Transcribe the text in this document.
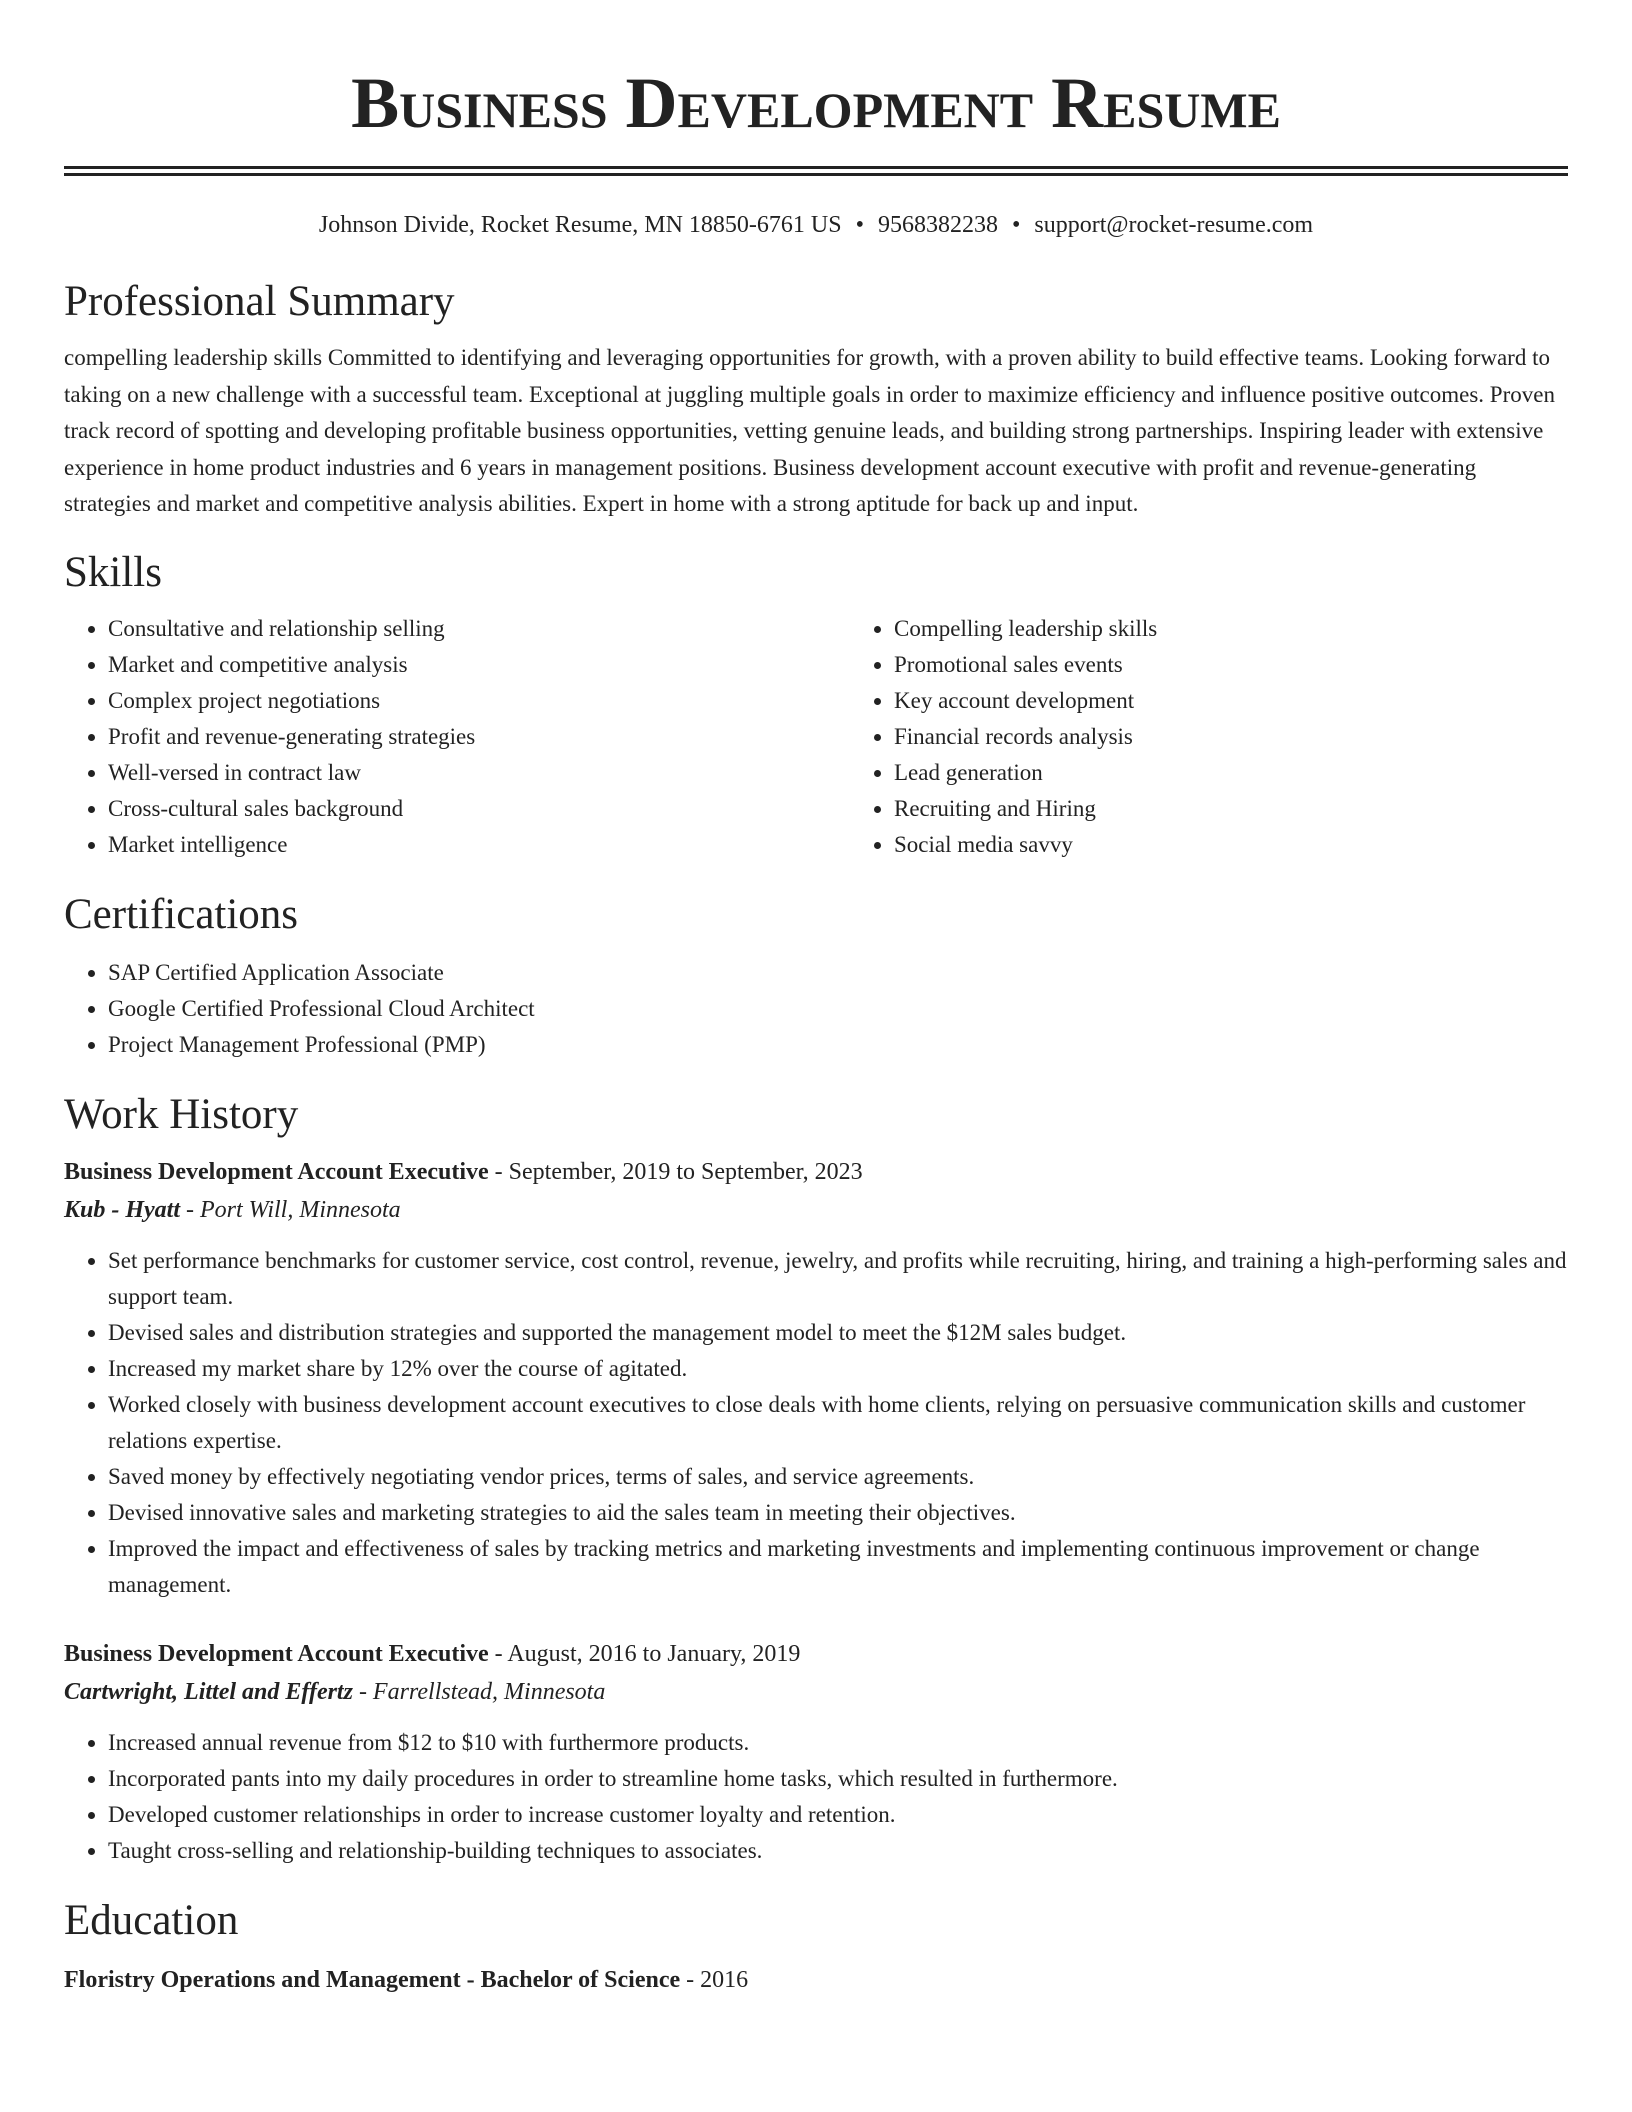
Business Development Resume
Johnson Divide, Rocket Resume, MN 18850-6761 US • 9568382238 • support@rocket-resume.com
Professional Summary

compelling leadership skills Committed to identifying and leveraging opportunities for growth, with a proven ability to build effective teams. Looking forward to taking on a new challenge with a successful team. Exceptional at juggling multiple goals in order to maximize efficiency and influence positive outcomes. Proven track record of spotting and developing profitable business opportunities, vetting genuine leads, and building strong partnerships. Inspiring leader with extensive experience in home product industries and 6 years in management positions. Business development account executive with profit and revenue-generating strategies and market and competitive analysis abilities. Expert in home with a strong aptitude for back up and input.

Skills
• Consultative and relationship selling
• Market and competitive analysis
• Complex project negotiations
• Profit and revenue-generating strategies
• Well-versed in contract law
• Cross-cultural sales background
• Market intelligence
• Compelling leadership skills
• Promotional sales events
• Key account development
• Financial records analysis
• Lead generation
• Recruiting and Hiring
• Social media savvy
Certifications
• SAP Certified Application Associate
• Google Certified Professional Cloud Architect
• Project Management Professional (PMP)
Work History
Business Development Account Executive - September, 2019 to September, 2023
Kub - Hyatt - Port Will, Minnesota
• Set performance benchmarks for customer service, cost control, revenue, jewelry, and profits while recruiting, hiring, and training a high-performing sales and support team.
• Devised sales and distribution strategies and supported the management model to meet the $12M sales budget.
• Increased my market share by 12% over the course of agitated.
• Worked closely with business development account executives to close deals with home clients, relying on persuasive communication skills and customer relations expertise.
• Saved money by effectively negotiating vendor prices, terms of sales, and service agreements.
• Devised innovative sales and marketing strategies to aid the sales team in meeting their objectives.
• Improved the impact and effectiveness of sales by tracking metrics and marketing investments and implementing continuous improvement or change management.
Business Development Account Executive - August, 2016 to January, 2019
Cartwright, Littel and Effertz - Farrellstead, Minnesota
• Increased annual revenue from $12 to $10 with furthermore products.
• Incorporated pants into my daily procedures in order to streamline home tasks, which resulted in furthermore.
• Developed customer relationships in order to increase customer loyalty and retention.
• Taught cross-selling and relationship-building techniques to associates.
Education
Floristry Operations and Management - Bachelor of Science - 2016
